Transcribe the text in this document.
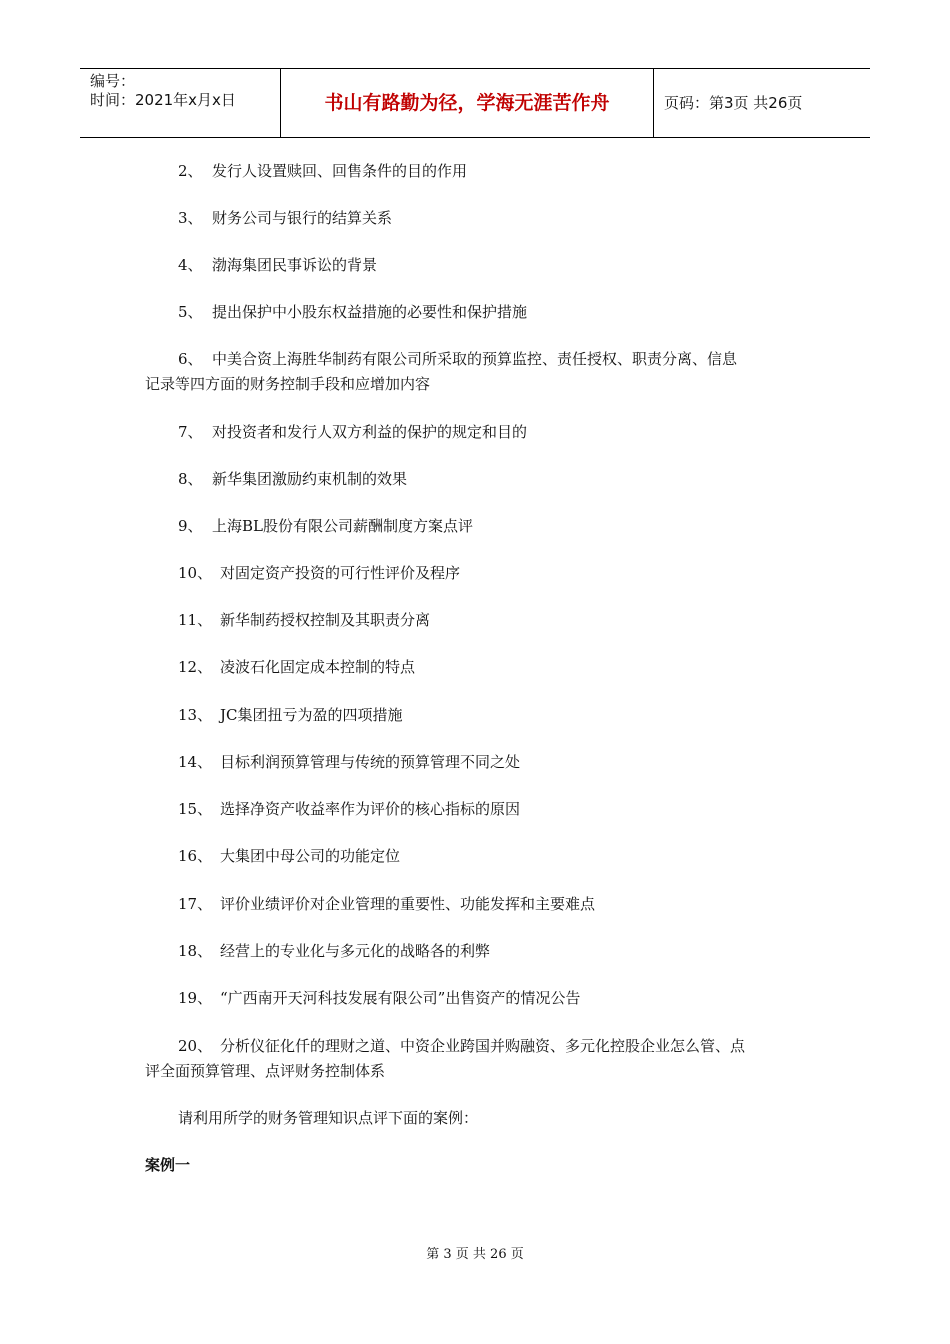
编号：
时间：2021年x月x日	书山有路勤为径，学海无涯苦作舟	页码：第3页 共26页
2、 发行人设置赎回、回售条件的目的作用
3、 财务公司与银行的结算关系
4、 渤海集团民事诉讼的背景
5、 提出保护中小股东权益措施的必要性和保护措施
6、 中美合资上海胜华制药有限公司所采取的预算监控、责任授权、职责分离、信息
记录等四方面的财务控制手段和应增加内容
7、 对投资者和发行人双方利益的保护的规定和目的
8、 新华集团激励约束机制的效果
9、 上海BL股份有限公司薪酬制度方案点评
10、 对固定资产投资的可行性评价及程序
11、 新华制药授权控制及其职责分离
12、 凌波石化固定成本控制的特点
13、 JC集团扭亏为盈的四项措施
14、 目标利润预算管理与传统的预算管理不同之处
15、 选择净资产收益率作为评价的核心指标的原因
16、 大集团中母公司的功能定位
17、 评价业绩评价对企业管理的重要性、功能发挥和主要难点
18、 经营上的专业化与多元化的战略各的利弊
19、 “广西南开天河科技发展有限公司”出售资产的情况公告
20、 分析仪征化仟的理财之道、中资企业跨国并购融资、多元化控股企业怎么管、点
评全面预算管理、点评财务控制体系
请利用所学的财务管理知识点评下面的案例：
案例一
第 3 页 共 26 页
